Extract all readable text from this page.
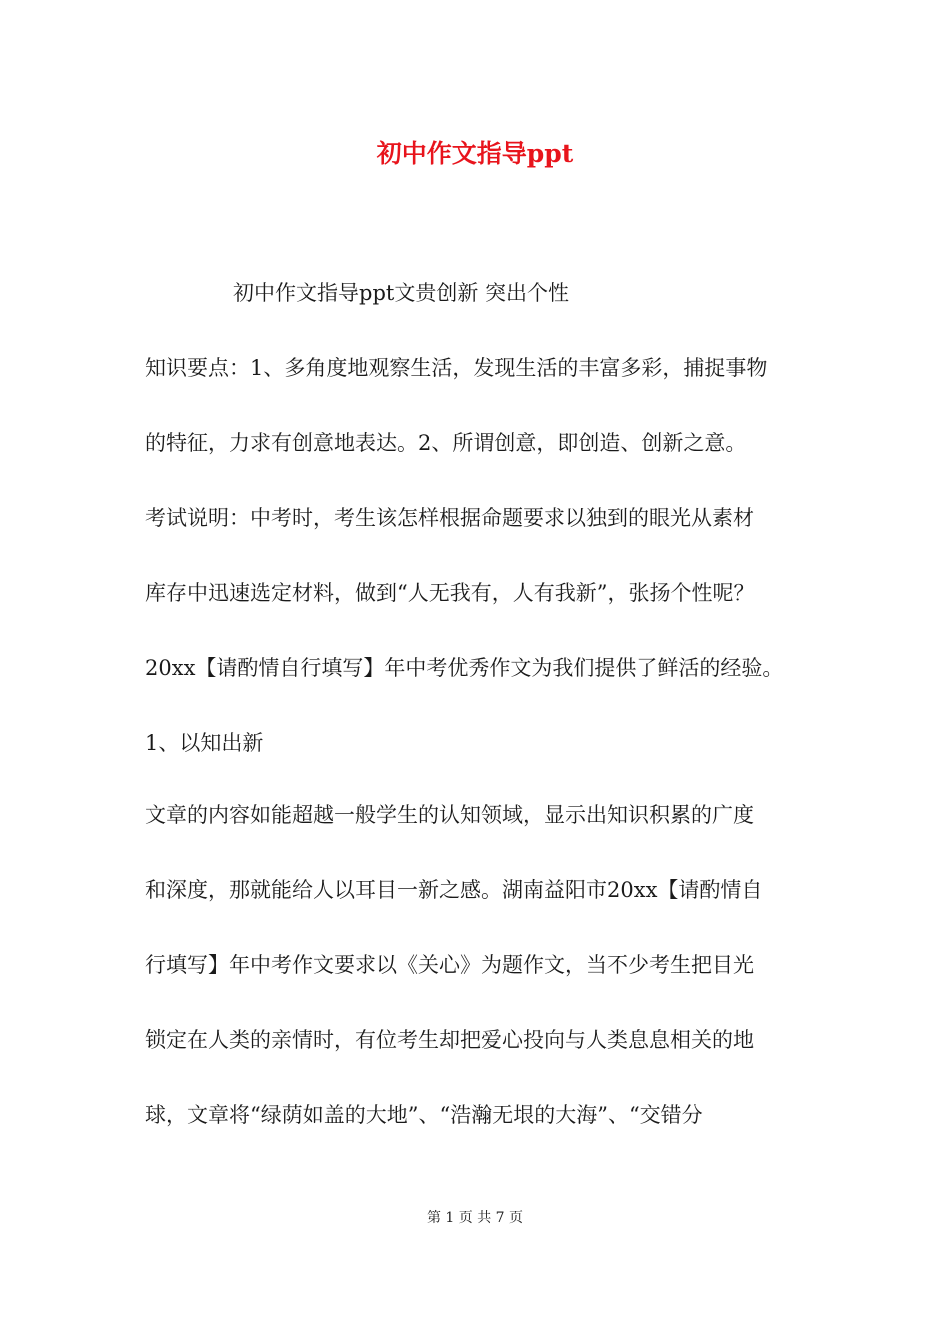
初中作文指导ppt

初中作文指导ppt文贵创新 突出个性

知识要点：1、多角度地观察生活，发现生活的丰富多彩，捕捉事物

的特征，力求有创意地表达。2、所谓创意，即创造、创新之意。

考试说明：中考时，考生该怎样根据命题要求以独到的眼光从素材

库存中迅速选定材料，做到“人无我有，人有我新”，张扬个性呢？

20xx【请酌情自行填写】年中考优秀作文为我们提供了鲜活的经验。

1、以知出新

文章的内容如能超越一般学生的认知领域，显示出知识积累的广度

和深度，那就能给人以耳目一新之感。湖南益阳市20xx【请酌情自

行填写】年中考作文要求以《关心》为题作文，当不少考生把目光

锁定在人类的亲情时，有位考生却把爱心投向与人类息息相关的地

球，文章将“绿荫如盖的大地”、“浩瀚无垠的大海”、“交错分

第 1 页 共 7 页
